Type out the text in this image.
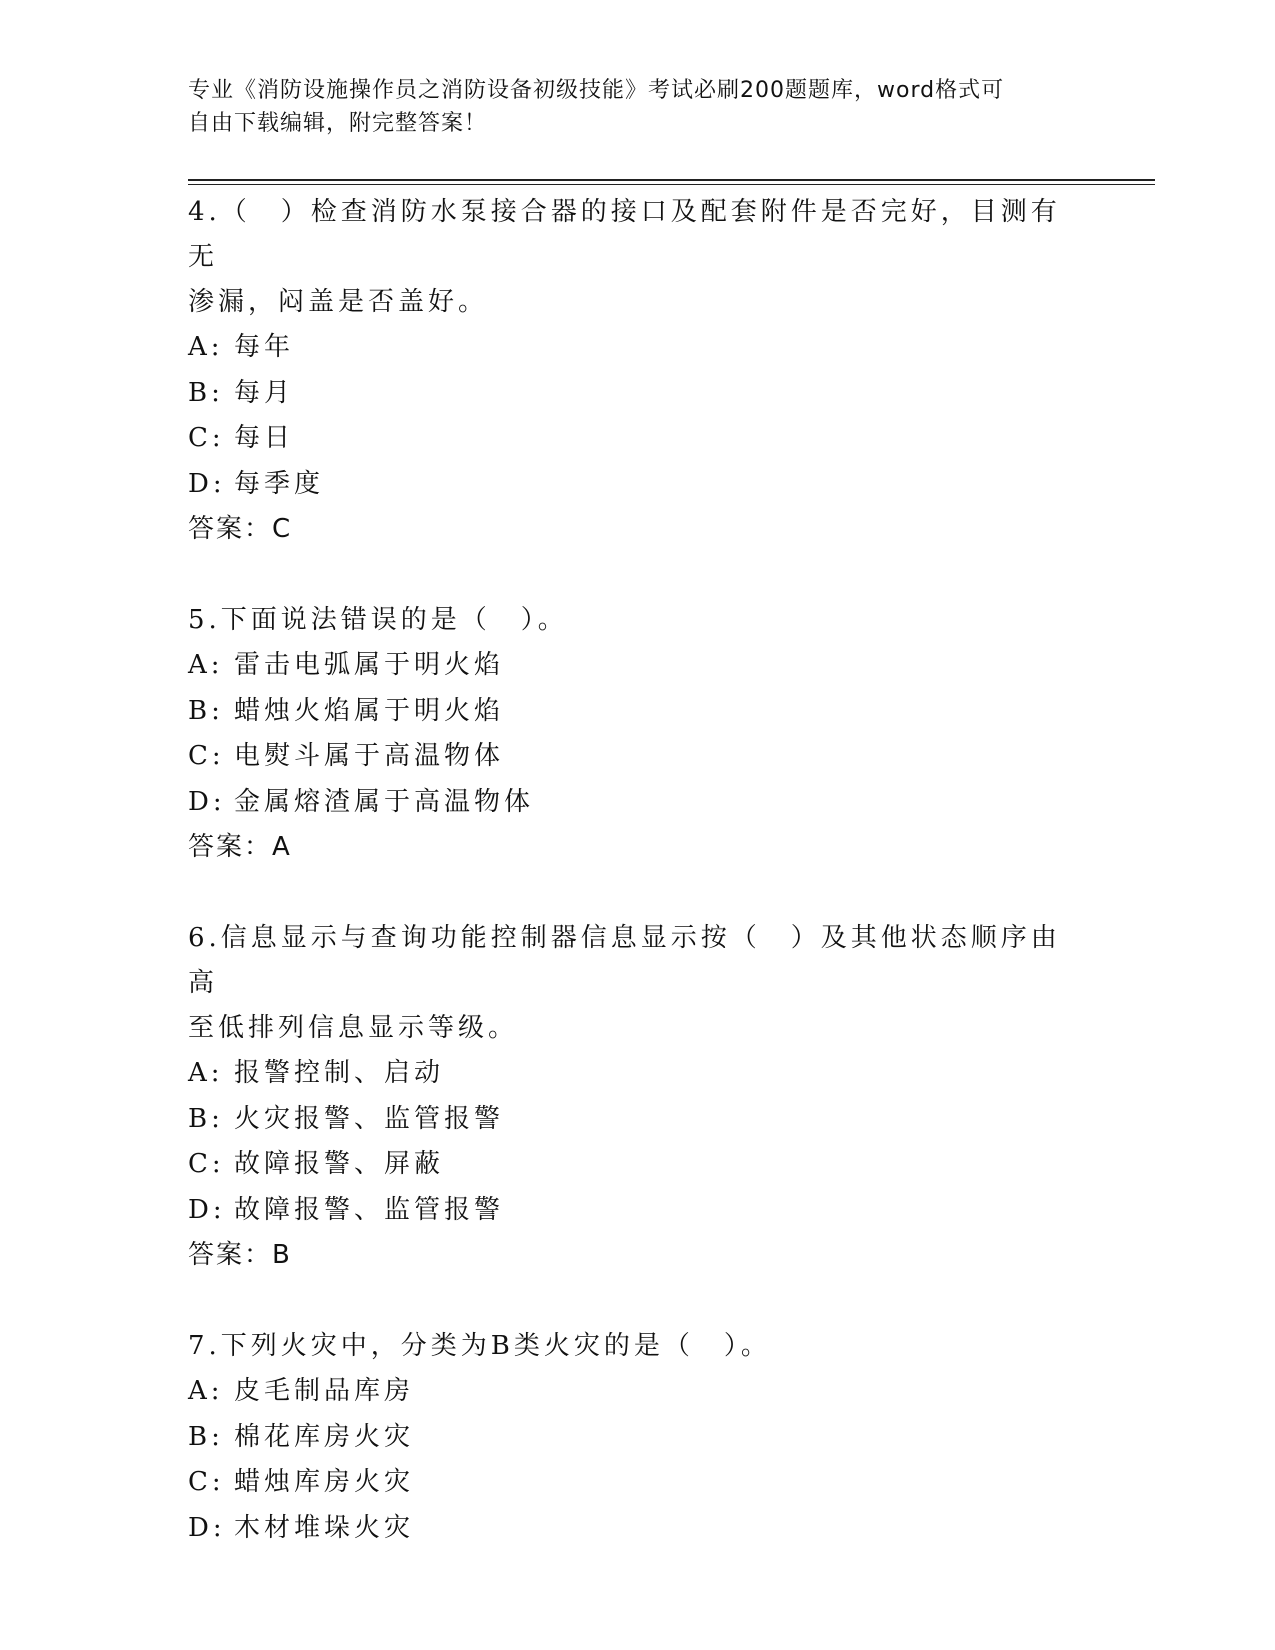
专业《消防设施操作员之消防设备初级技能》考试必刷200题题库，word格式可
自由下载编辑，附完整答案！

4.（　）检查消防水泵接合器的接口及配套附件是否完好，目测有无

渗漏，闷盖是否盖好。

A: 每年

B: 每月

C: 每日

D: 每季度

答案：C

5.下面说法错误的是（　）。

A: 雷击电弧属于明火焰

B: 蜡烛火焰属于明火焰

C: 电熨斗属于高温物体

D: 金属熔渣属于高温物体

答案：A

6.信息显示与查询功能控制器信息显示按（　）及其他状态顺序由高

至低排列信息显示等级。

A: 报警控制、启动

B: 火灾报警、监管报警

C: 故障报警、屏蔽

D: 故障报警、监管报警

答案：B

7.下列火灾中，分类为B类火灾的是（　）。

A: 皮毛制品库房

B: 棉花库房火灾

C: 蜡烛库房火灾

D: 木材堆垛火灾
